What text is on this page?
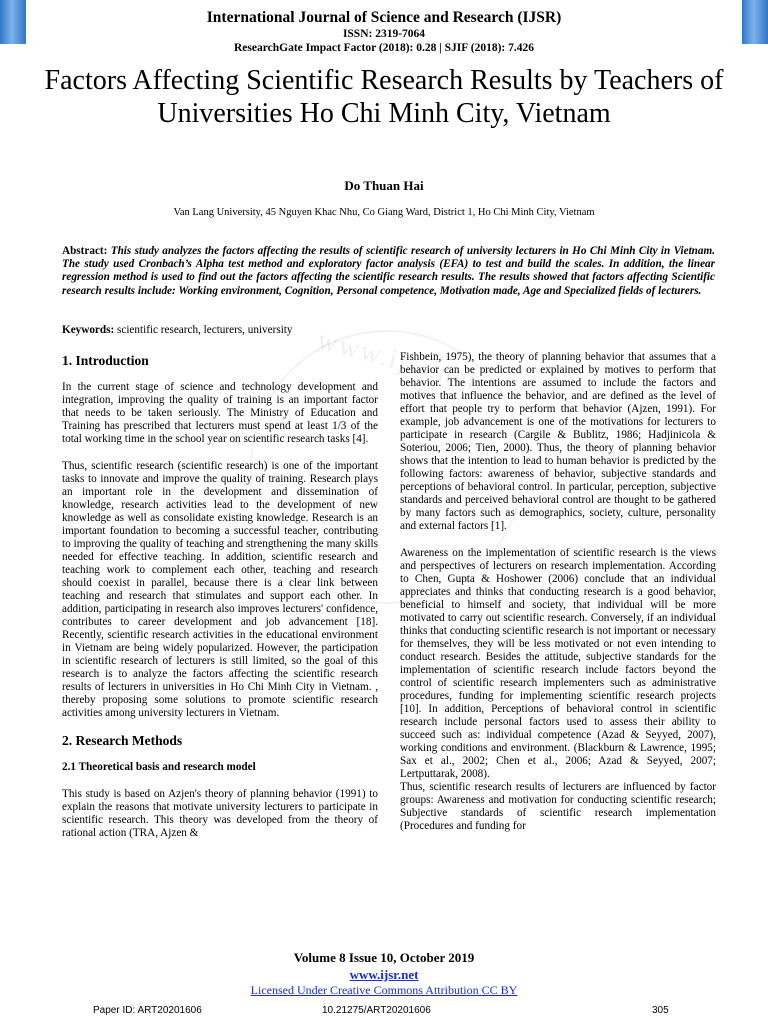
International Journal of Science and Research (IJSR)
ISSN: 2319-7064
ResearchGate Impact Factor (2018): 0.28 | SJIF (2018): 7.426
Factors Affecting Scientific Research Results by Teachers of Universities Ho Chi Minh City, Vietnam
Do Thuan Hai
Van Lang University, 45 Nguyen Khac Nhu, Co Giang Ward, District 1, Ho Chi Minh City, Vietnam
Abstract: This study analyzes the factors affecting the results of scientific research of university lecturers in Ho Chi Minh City in Vietnam. The study used Cronbach’s Alpha test method and exploratory factor analysis (EFA) to test and build the scales. In addition, the linear regression method is used to find out the factors affecting the scientific research results. The results showed that factors affecting Scientific research results include: Working environment, Cognition, Personal competence, Motivation made, Age and Specialized fields of lecturers.
Keywords: scientific research, lecturers, university www.ijsr.net
1. Introduction

In the current stage of science and technology development and integration, improving the quality of training is an important factor that needs to be taken seriously. The Ministry of Education and Training has prescribed that lecturers must spend at least 1/3 of the total working time in the school year on scientific research tasks [4].

Thus, scientific research (scientific research) is one of the important tasks to innovate and improve the quality of training. Research plays an important role in the development and dissemination of knowledge, research activities lead to the development of new knowledge as well as consolidate existing knowledge. Research is an important foundation to becoming a successful teacher, contributing to improving the quality of teaching and strengthening the many skills needed for effective teaching. In addition, scientific research and teaching work to complement each other, teaching and research should coexist in parallel, because there is a clear link between teaching and research that stimulates and support each other. In addition, participating in research also improves lecturers' confidence, contributes to career development and job advancement [18]. Recently, scientific research activities in the educational environment in Vietnam are being widely popularized. However, the participation in scientific research of lecturers is still limited, so the goal of this research is to analyze the factors affecting the scientific research results of lecturers in universities in Ho Chi Minh City in Vietnam. , thereby proposing some solutions to promote scientific research activities among university lecturers in Vietnam.

2. Research Methods
2.1 Theoretical basis and research model

This study is based on Azjen's theory of planning behavior (1991) to explain the reasons that motivate university lecturers to participate in scientific research. This theory was developed from the theory of rational action (TRA, Ajzen &

Fishbein, 1975), the theory of planning behavior that assumes that a behavior can be predicted or explained by motives to perform that behavior. The intentions are assumed to include the factors and motives that influence the behavior, and are defined as the level of effort that people try to perform that behavior (Ajzen, 1991). For example, job advancement is one of the motivations for lecturers to participate in research (Cargile & Bublitz, 1986; Hadjinicola & Soteriou, 2006; Tien, 2000). Thus, the theory of planning behavior shows that the intention to lead to human behavior is predicted by the following factors: awareness of behavior, subjective standards and perceptions of behavioral control. In particular, perception, subjective standards and perceived behavioral control are thought to be gathered by many factors such as demographics, society, culture, personality and external factors [1].

Awareness on the implementation of scientific research is the views and perspectives of lecturers on research implementation. According to Chen, Gupta & Hoshower (2006) conclude that an individual appreciates and thinks that conducting research is a good behavior, beneficial to himself and society, that individual will be more motivated to carry out scientific research. Conversely, if an individual thinks that conducting scientific research is not important or necessary for themselves, they will be less motivated or not even intending to conduct research. Besides the attitude, subjective standards for the implementation of scientific research include factors beyond the control of scientific research implementers such as administrative procedures, funding for implementing scientific research projects [10]. In addition, Perceptions of behavioral control in scientific research include personal factors used to assess their ability to succeed such as: individual competence (Azad & Seyyed, 2007), working conditions and environment. (Blackburn & Lawrence, 1995; Sax et al., 2002; Chen et al., 2006; Azad & Seyyed, 2007; Lertputtarak, 2008).

Thus, scientific research results of lecturers are influenced by factor groups: Awareness and motivation for conducting scientific research; Subjective standards of scientific research implementation (Procedures and funding for

Volume 8 Issue 10, October 2019
www.ijsr.net
Licensed Under Creative Commons Attribution CC BY
Paper ID: ART20201606	10.21275/ART20201606	305
